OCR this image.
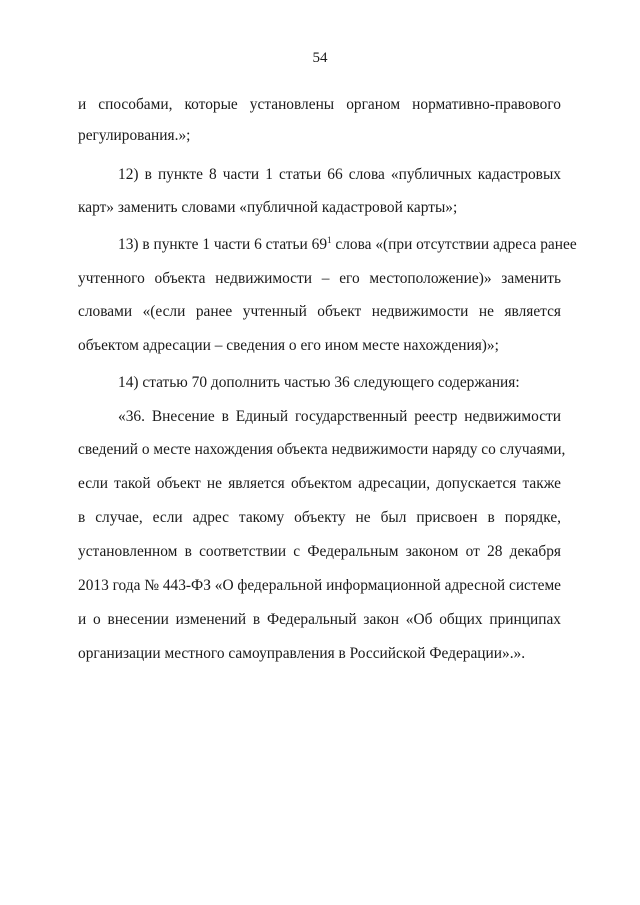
54
и способами, которые установлены органом нормативно-правового
регулирования.»;
12) в пункте 8 части 1 статьи 66 слова «публичных кадастровых
карт» заменить словами «публичной кадастровой карты»;
13) в пункте 1 части 6 статьи $69^1$ слова «(при отсутствии адреса ранее
учтенного объекта недвижимости – его местоположение)» заменить
словами «(если ранее учтенный объект недвижимости не является
объектом адресации – сведения о его ином месте нахождения)»;
14) статью 70 дополнить частью 36 следующего содержания:
«36. Внесение в Единый государственный реестр недвижимости
сведений о месте нахождения объекта недвижимости наряду со случаями,
если такой объект не является объектом адресации, допускается также
в случае, если адрес такому объекту не был присвоен в порядке,
установленном в соответствии с Федеральным законом от 28 декабря
2013 года № 443-ФЗ «О федеральной информационной адресной системе
и о внесении изменений в Федеральный закон «Об общих принципах
организации местного самоуправления в Российской Федерации».».
